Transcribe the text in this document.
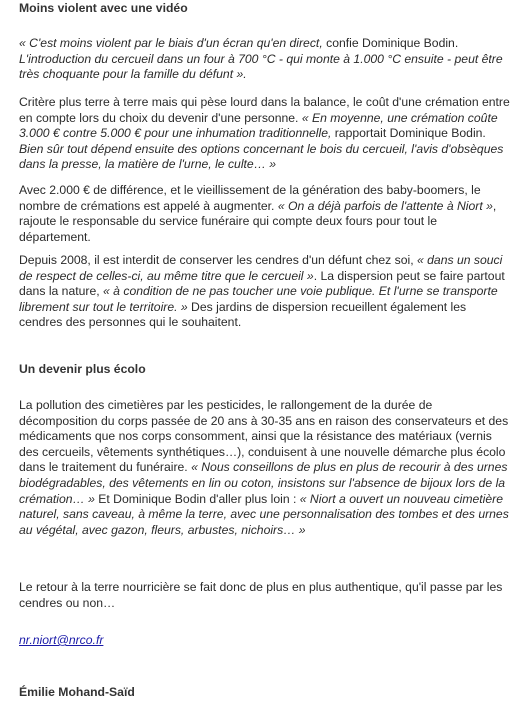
Moins violent avec une vidéo

« C'est moins violent par le biais d'un écran qu'en direct, confie Dominique Bodin. L'introduction du cercueil dans un four à 700 °C - qui monte à 1.000 °C ensuite - peut être très choquante pour la famille du défunt ».

Critère plus terre à terre mais qui pèse lourd dans la balance, le coût d'une crémation entre en compte lors du choix du devenir d'une personne. « En moyenne, une crémation coûte 3.000 € contre 5.000 € pour une inhumation traditionnelle, rapportait Dominique Bodin. Bien sûr tout dépend ensuite des options concernant le bois du cercueil, l'avis d'obsèques dans la presse, la matière de l'urne, le culte… »

Avec 2.000 € de différence, et le vieillissement de la génération des baby-boomers, le nombre de crémations est appelé à augmenter. « On a déjà parfois de l'attente à Niort », rajoute le responsable du service funéraire qui compte deux fours pour tout le département.

Depuis 2008, il est interdit de conserver les cendres d'un défunt chez soi, « dans un souci de respect de celles-ci, au même titre que le cercueil ». La dispersion peut se faire partout dans la nature, « à condition de ne pas toucher une voie publique. Et l'urne se transporte librement sur tout le territoire. » Des jardins de dispersion recueillent également les cendres des personnes qui le souhaitent.

Un devenir plus écolo

La pollution des cimetières par les pesticides, le rallongement de la durée de décomposition du corps passée de 20 ans à 30-35 ans en raison des conservateurs et des médicaments que nos corps consomment, ainsi que la résistance des matériaux (vernis des cercueils, vêtements synthétiques…), conduisent à une nouvelle démarche plus écolo dans le traitement du funéraire. « Nous conseillons de plus en plus de recourir à des urnes biodégradables, des vêtements en lin ou coton, insistons sur l'absence de bijoux lors de la crémation… » Et Dominique Bodin d'aller plus loin : « Niort a ouvert un nouveau cimetière naturel, sans caveau, à même la terre, avec une personnalisation des tombes et des urnes au végétal, avec gazon, fleurs, arbustes, nichoirs… »

Le retour à la terre nourricière se fait donc de plus en plus authentique, qu'il passe par les cendres ou non…

nr.niort@nrco.fr
Émilie Mohand-Saïd
